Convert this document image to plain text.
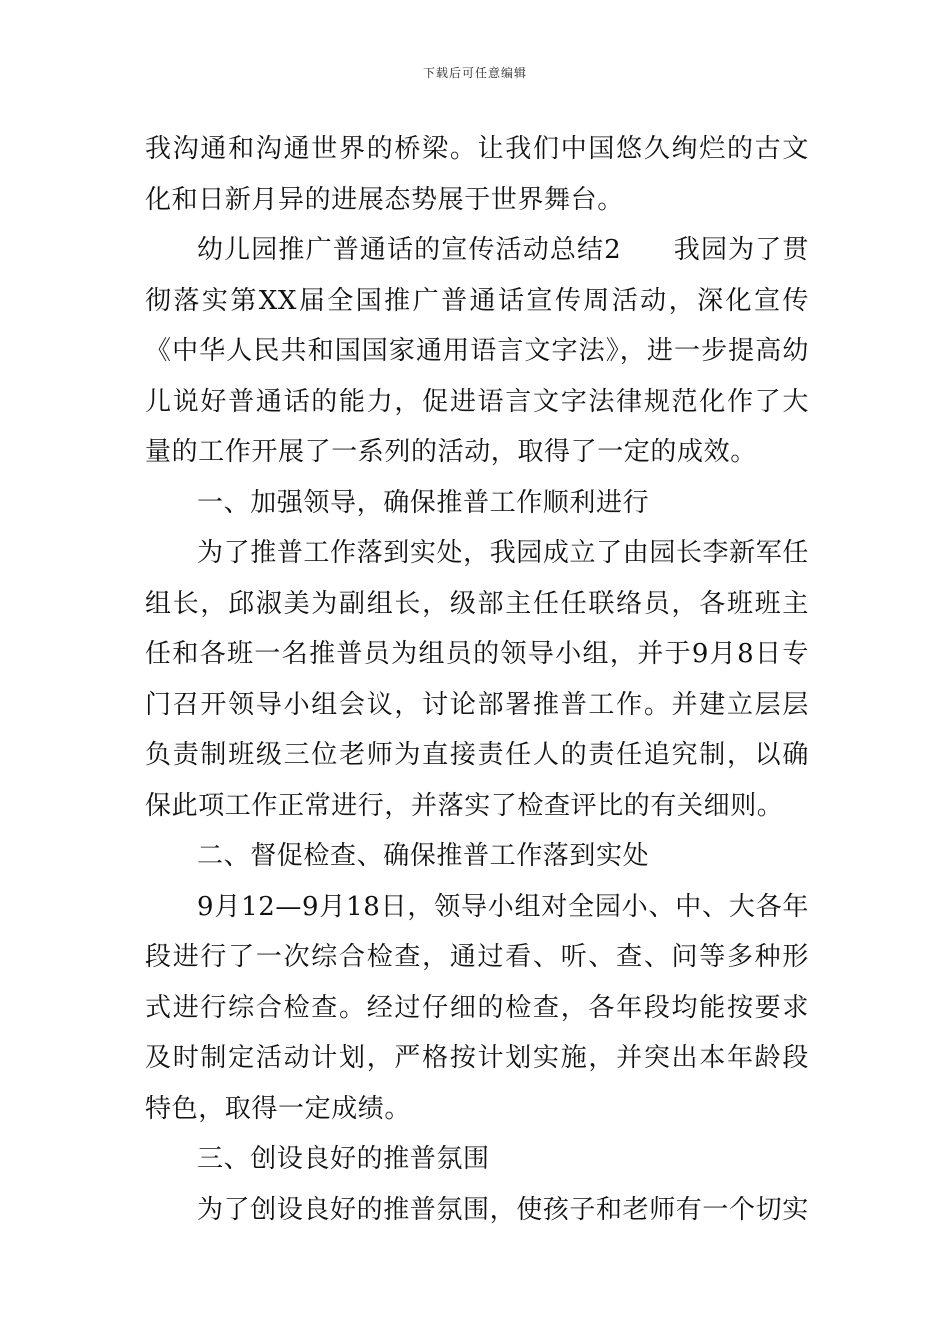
下载后可任意编辑

我沟通和沟通世界的桥梁。让我们中国悠久绚烂的古文化和日新月异的进展态势展于世界舞台。

幼儿园推广普通话的宣传活动总结2 我园为了贯彻落实第XX届全国推广普通话宣传周活动，深化宣传《中华人民共和国国家通用语言文字法》，进一步提高幼儿说好普通话的能力，促进语言文字法律规范化作了大量的工作开展了一系列的活动，取得了一定的成效。

一、加强领导，确保推普工作顺利进行

为了推普工作落到实处，我园成立了由园长李新军任组长，邱淑美为副组长，级部主任任联络员，各班班主任和各班一名推普员为组员的领导小组，并于9月8日专门召开领导小组会议，讨论部署推普工作。并建立层层负责制班级三位老师为直接责任人的责任追究制，以确保此项工作正常进行，并落实了检查评比的有关细则。

二、督促检查、确保推普工作落到实处

9月12—9月18日，领导小组对全园小、中、大各年段进行了一次综合检查，通过看、听、查、问等多种形式进行综合检查。经过仔细的检查，各年段均能按要求及时制定活动计划，严格按计划实施，并突出本年龄段特色，取得一定成绩。

三、创设良好的推普氛围

为了创设良好的推普氛围，使孩子和老师有一个切实
